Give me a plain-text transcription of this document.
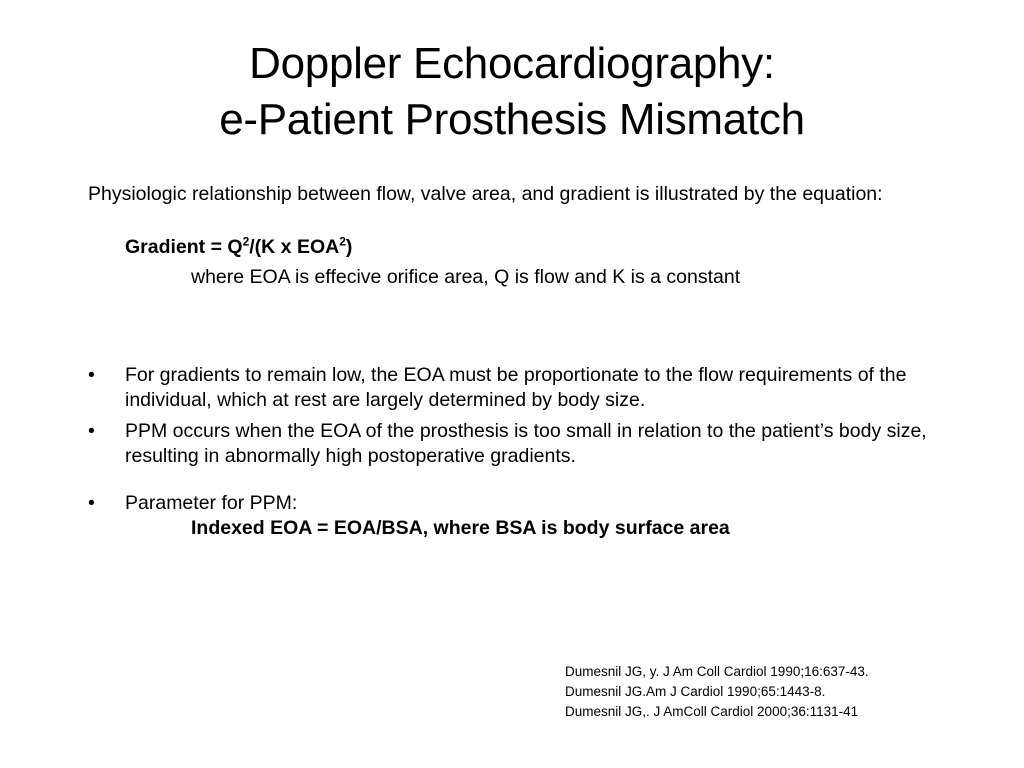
Doppler Echocardiography:
e-Patient Prosthesis Mismatch

Physiologic relationship between flow, valve area, and gradient is illustrated by the equation:

Gradient = $Q^2/(K$ x EOA$^2$)
where EOA is effecive orifice area, Q is flow and K is a constant
• For gradients to remain low, the EOA must be proportionate to the flow requirements of the individual, which at rest are largely determined by body size.
• PPM occurs when the EOA of the prosthesis is too small in relation to the patient’s body size, resulting in abnormally high postoperative gradients.
• Parameter for PPM:
Indexed EOA = EOA/BSA, where BSA is body surface area
Dumesnil JG, y. J Am Coll Cardiol 1990;16:637-43.
Dumesnil JG.Am J Cardiol 1990;65:1443-8.
Dumesnil JG,. J AmColl Cardiol 2000;36:1131-41
